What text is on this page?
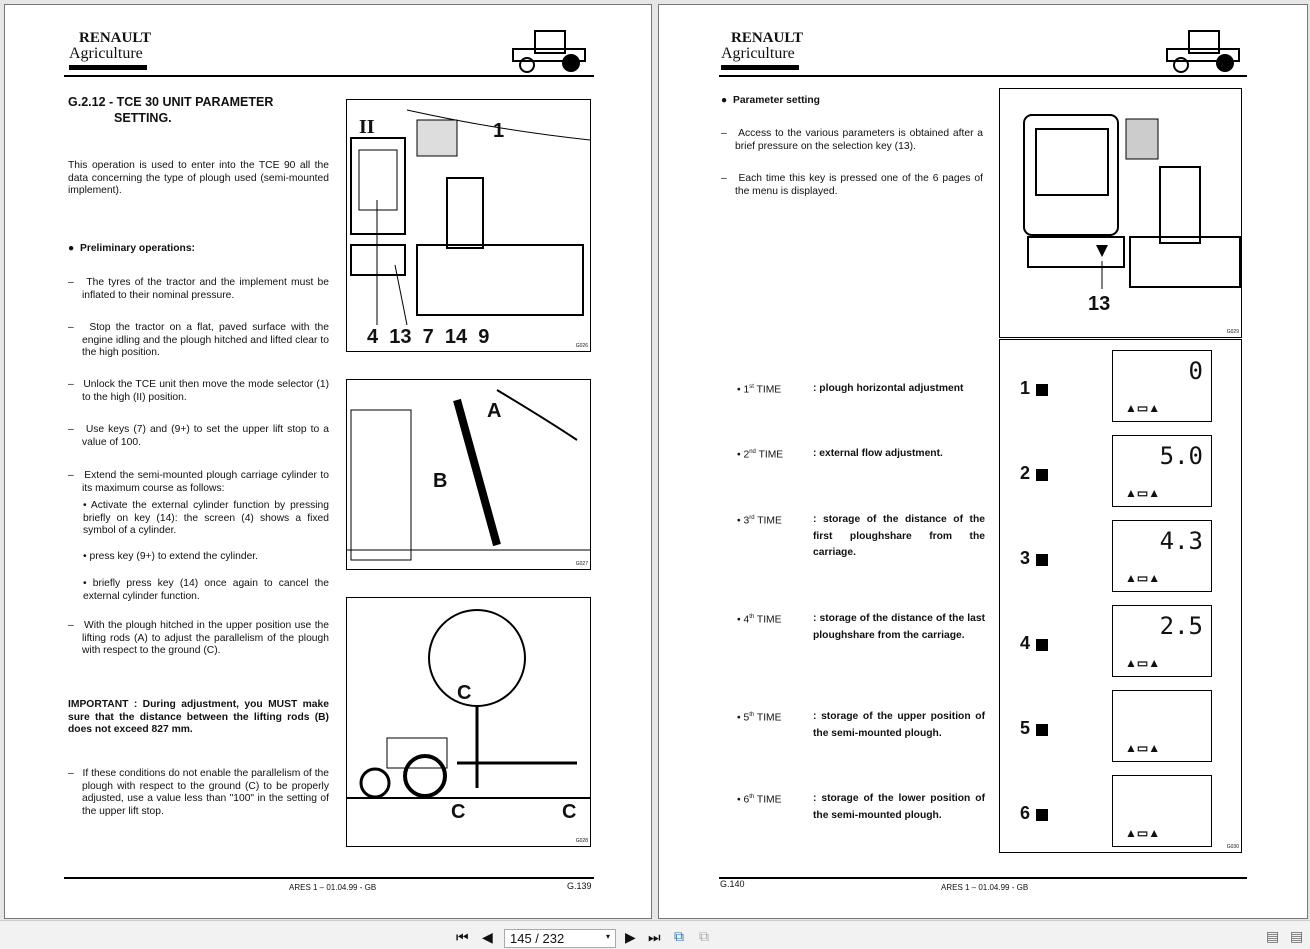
RENAULT
Agriculture
G.2.12 - TCE 30 UNIT PARAMETER
SETTING.
This operation is used to enter into the TCE 90 all the data concerning the type of plough used (semi-mounted implement).
●  Preliminary operations:
–   The tyres of the tractor and the implement must be inflated to their nominal pressure.
–   Stop the tractor on a flat, paved surface with the engine idling and the plough hitched and lifted clear to the high position.
–   Unlock the TCE unit then move the mode selector (1) to the high (II) position.
–   Use keys (7) and (9+) to set the upper lift stop to a value of 100.
–   Extend the semi-mounted plough carriage cylinder to its maximum course as follows:
• Activate the external cylinder function by pressing briefly on key (14): the screen (4) shows a fixed symbol of a cylinder.
• press key (9+) to extend the cylinder.
• briefly press key (14) once again to cancel the external cylinder function.
–   With the plough hitched in the upper position use the lifting rods (A) to adjust the parallelism of the plough with respect to the ground (C).
IMPORTANT : During adjustment, you MUST make sure that the distance between the lifting rods (B) does not exceed 827 mm.
–   If these conditions do not enable the parallelism of the plough with respect to the ground (C) to be properly adjusted, use a value less than "100" in the setting of the upper lift stop.
II	1
4  13  7  14  9	G026
A
B
G027
C
C	C
G028
ARES 1 – 01.04.99 - GB	G.139
RENAULT
Agriculture
●  Parameter setting
–   Access to the various parameters is obtained after a brief pressure on the selection key (13).
–   Each time this key is pressed one of the 6 pages of the menu is displayed.
• 1st TIME	: plough horizontal adjustment
• 2nd TIME	: external flow adjustment.
• 3rd TIME	: storage of the distance of the first ploughshare from the carriage.
• 4th TIME	: storage of the distance of the last ploughshare from the carriage.
• 5th TIME	: storage of the upper position of the semi-mounted plough.
• 6th TIME	: storage of the lower position of the semi-mounted plough.
13
G029
G030
1
0
▲▭▲
2
5.0
▲▭▲
3
4.3
▲▭▲
4
2.5
▲▭▲
5
▲▭▲
6
▲▭▲
G.140	ARES 1 – 01.04.99 - GB
⏮ ◀	145 / 232	▾ ▶ ⏭ ⧉ ⧉	▤ ▤
